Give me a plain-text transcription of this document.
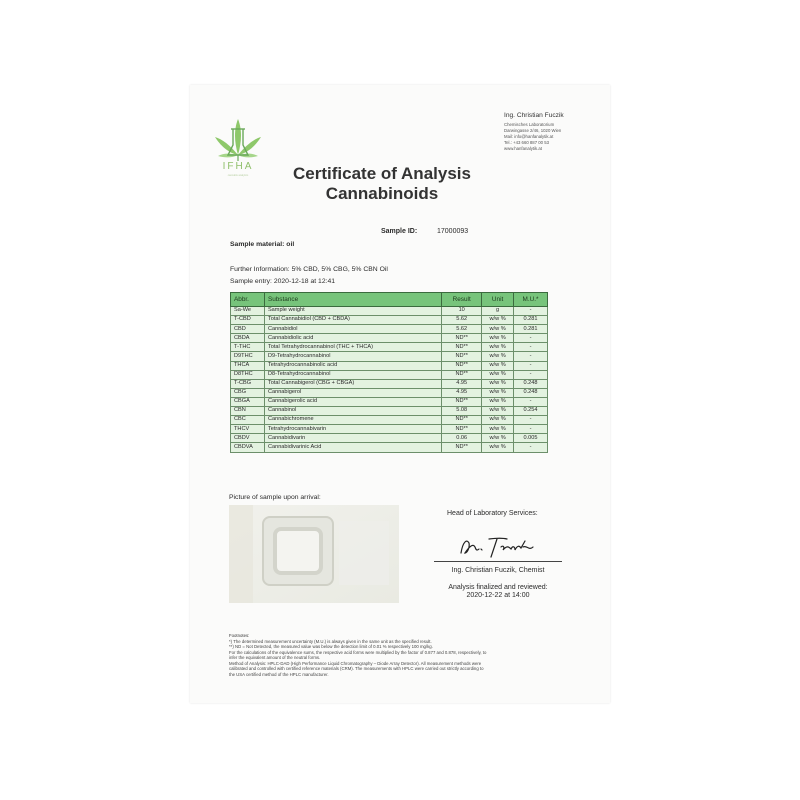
IFHA
cannabis analytics
Ing. Christian Fuczik
Chemisches Laboratorium
Darwingasse 2/46, 1020 Wien
Mail: info@hanfanalytik.at
Tel.: +43 660 887 00 53
www.hanfanalytik.at
Certificate of Analysis
Cannabinoids
Sample ID:	17000093
Sample material: oil
Further Information: 5% CBD, 5% CBG, 5% CBN Oil
Sample entry: 2020-12-18 at 12:41
Abbr.	Substance	Result	Unit	M.U.*
Sa-We	Sample weight	10	g	-
T-CBD	Total Cannabidiol (CBD + CBDA)	5.62	w/w %	0.281
CBD	Cannabidiol	5.62	w/w %	0.281
CBDA	Cannabidiolic acid	ND**	w/w %	-
T-THC	Total Tetrahydrocannabinol (THC + THCA)	ND**	w/w %	-
D9THC	D9-Tetrahydrocannabinol	ND**	w/w %	-
THCA	Tetrahydrocannabinolic acid	ND**	w/w %	-
D8THC	D8-Tetrahydrocannabinol	ND**	w/w %	-
T-CBG	Total Cannabigerol (CBG + CBGA)	4.95	w/w %	0.248
CBG	Cannabigerol	4.95	w/w %	0.248
CBGA	Cannabigerolic acid	ND**	w/w %	-
CBN	Cannabinol	5.08	w/w %	0.254
CBC	Cannabichromene	ND**	w/w %	-
THCV	Tetrahydrocannabivarin	ND**	w/w %	-
CBDV	Cannabidivarin	0.06	w/w %	0.005
CBDVA	Cannabidivarinic Acid	ND**	w/w %	-
Picture of sample upon arrival:
Head of Laboratory Services:
Ing. Christian Fuczik, Chemist
Analysis finalized and reviewed:
2020-12-22 at 14:00
Footnotes:
*) The determined measurement uncertainty (M.U.) is always given in the same unit as the specified result.
**) ND = Not Detected, the measured value was below the detection limit of 0.01 % respectively 100 mg/kg.
For the calculations of the equivalence sums, the respective acid forms were multiplied by the factor of 0.877 and 0.878, respectively, to
infer the equivalent amount of the neutral forms.
Method of Analysis: HPLC-DAD (High Performance Liquid Chromatography – Diode Array Detector). All measurement methods were
calibrated and controlled with certified reference materials (CRM). The measurements with HPLC were carried out strictly according to
the USA certified method of the HPLC manufacturer.
